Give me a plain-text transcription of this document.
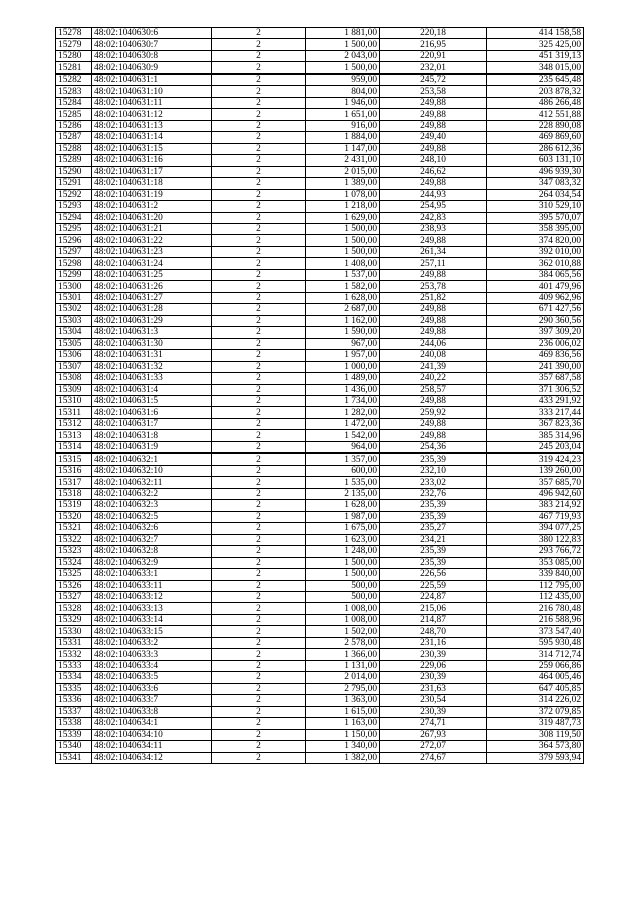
15278	48:02:1040630:6	2	1 881,00	220,18	414 158,58
15279	48:02:1040630:7	2	1 500,00	216,95	325 425,00
15280	48:02:1040630:8	2	2 043,00	220,91	451 319,13
15281	48:02:1040630:9	2	1 500,00	232,01	348 015,00
15282	48:02:1040631:1	2	959,00	245,72	235 645,48
15283	48:02:1040631:10	2	804,00	253,58	203 878,32
15284	48:02:1040631:11	2	1 946,00	249,88	486 266,48
15285	48:02:1040631:12	2	1 651,00	249,88	412 551,88
15286	48:02:1040631:13	2	916,00	249,88	228 890,08
15287	48:02:1040631:14	2	1 884,00	249,40	469 869,60
15288	48:02:1040631:15	2	1 147,00	249,88	286 612,36
15289	48:02:1040631:16	2	2 431,00	248,10	603 131,10
15290	48:02:1040631:17	2	2 015,00	246,62	496 939,30
15291	48:02:1040631:18	2	1 389,00	249,88	347 083,32
15292	48:02:1040631:19	2	1 078,00	244,93	264 034,54
15293	48:02:1040631:2	2	1 218,00	254,95	310 529,10
15294	48:02:1040631:20	2	1 629,00	242,83	395 570,07
15295	48:02:1040631:21	2	1 500,00	238,93	358 395,00
15296	48:02:1040631:22	2	1 500,00	249,88	374 820,00
15297	48:02:1040631:23	2	1 500,00	261,34	392 010,00
15298	48:02:1040631:24	2	1 408,00	257,11	362 010,88
15299	48:02:1040631:25	2	1 537,00	249,88	384 065,56
15300	48:02:1040631:26	2	1 582,00	253,78	401 479,96
15301	48:02:1040631:27	2	1 628,00	251,82	409 962,96
15302	48:02:1040631:28	2	2 687,00	249,88	671 427,56
15303	48:02:1040631:29	2	1 162,00	249,88	290 360,56
15304	48:02:1040631:3	2	1 590,00	249,88	397 309,20
15305	48:02:1040631:30	2	967,00	244,06	236 006,02
15306	48:02:1040631:31	2	1 957,00	240,08	469 836,56
15307	48:02:1040631:32	2	1 000,00	241,39	241 390,00
15308	48:02:1040631:33	2	1 489,00	240,22	357 687,58
15309	48:02:1040631:4	2	1 436,00	258,57	371 306,52
15310	48:02:1040631:5	2	1 734,00	249,88	433 291,92
15311	48:02:1040631:6	2	1 282,00	259,92	333 217,44
15312	48:02:1040631:7	2	1 472,00	249,88	367 823,36
15313	48:02:1040631:8	2	1 542,00	249,88	385 314,96
15314	48:02:1040631:9	2	964,00	254,36	245 203,04
15315	48:02:1040632:1	2	1 357,00	235,39	319 424,23
15316	48:02:1040632:10	2	600,00	232,10	139 260,00
15317	48:02:1040632:11	2	1 535,00	233,02	357 685,70
15318	48:02:1040632:2	2	2 135,00	232,76	496 942,60
15319	48:02:1040632:3	2	1 628,00	235,39	383 214,92
15320	48:02:1040632:5	2	1 987,00	235,39	467 719,93
15321	48:02:1040632:6	2	1 675,00	235,27	394 077,25
15322	48:02:1040632:7	2	1 623,00	234,21	380 122,83
15323	48:02:1040632:8	2	1 248,00	235,39	293 766,72
15324	48:02:1040632:9	2	1 500,00	235,39	353 085,00
15325	48:02:1040633:1	2	1 500,00	226,56	339 840,00
15326	48:02:1040633:11	2	500,00	225,59	112 795,00
15327	48:02:1040633:12	2	500,00	224,87	112 435,00
15328	48:02:1040633:13	2	1 008,00	215,06	216 780,48
15329	48:02:1040633:14	2	1 008,00	214,87	216 588,96
15330	48:02:1040633:15	2	1 502,00	248,70	373 547,40
15331	48:02:1040633:2	2	2 578,00	231,16	595 930,48
15332	48:02:1040633:3	2	1 366,00	230,39	314 712,74
15333	48:02:1040633:4	2	1 131,00	229,06	259 066,86
15334	48:02:1040633:5	2	2 014,00	230,39	464 005,46
15335	48:02:1040633:6	2	2 795,00	231,63	647 405,85
15336	48:02:1040633:7	2	1 363,00	230,54	314 226,02
15337	48:02:1040633:8	2	1 615,00	230,39	372 079,85
15338	48:02:1040634:1	2	1 163,00	274,71	319 487,73
15339	48:02:1040634:10	2	1 150,00	267,93	308 119,50
15340	48:02:1040634:11	2	1 340,00	272,07	364 573,80
15341	48:02:1040634:12	2	1 382,00	274,67	379 593,94
